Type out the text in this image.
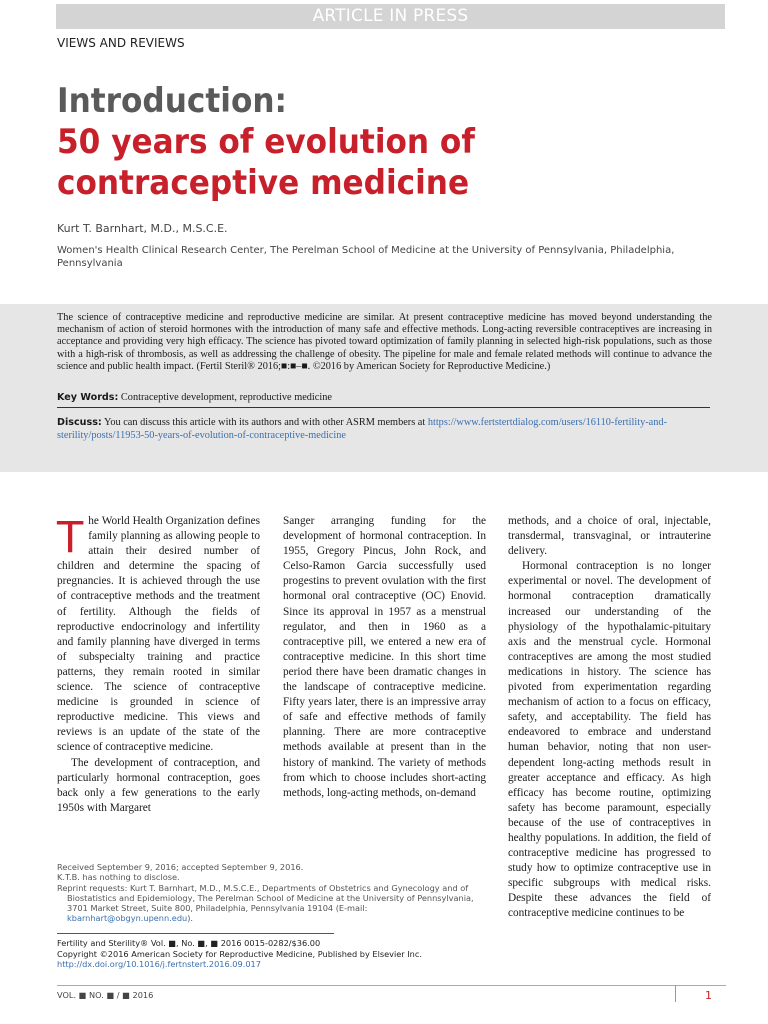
ARTICLE IN PRESS
VIEWS AND REVIEWS
Introduction:
50 years of evolution of
contraceptive medicine
Kurt T. Barnhart, M.D., M.S.C.E.
Women's Health Clinical Research Center, The Perelman School of Medicine at the University of Pennsylvania, Philadelphia, Pennsylvania
The science of contraceptive medicine and reproductive medicine are similar. At present contraceptive medicine has moved beyond understanding the mechanism of action of steroid hormones with the introduction of many safe and effective methods. Long-acting reversible contraceptives are increasing in acceptance and providing very high efficacy. The science has pivoted toward optimization of family planning in selected high-risk populations, such as those with a high-risk of thrombosis, as well as addressing the challenge of obesity. The pipeline for male and female related methods will continue to advance the science and public health impact. (Fertil Steril® 2016;■:■–■. ©2016 by American Society for Reproductive Medicine.)
Key Words: Contraceptive development, reproductive medicine
Discuss: You can discuss this article with its authors and with other ASRM members at https://www.fertstertdialog.com/users/16110-fertility-and-sterility/posts/11953-50-years-of-evolution-of-contraceptive-medicine

The World Health Organization defines family planning as allowing people to attain their desired number of children and determine the spacing of pregnancies. It is achieved through the use of contraceptive methods and the treatment of fertility. Although the fields of reproductive endocrinology and infertility and family planning have diverged in terms of subspecialty training and practice patterns, they remain rooted in similar science. The science of contraceptive medicine is grounded in science of reproductive medicine. This views and reviews is an update of the state of the science of contraceptive medicine.

The development of contraception, and particularly hormonal contraception, goes back only a few generations to the early 1950s with Margaret

Sanger arranging funding for the development of hormonal contraception. In 1955, Gregory Pincus, John Rock, and Celso-Ramon Garcia successfully used progestins to prevent ovulation with the first hormonal oral contraceptive (OC) Enovid. Since its approval in 1957 as a menstrual regulator, and then in 1960 as a contraceptive pill, we entered a new era of contraceptive medicine. In this short time period there have been dramatic changes in the landscape of contraceptive medicine. Fifty years later, there is an impressive array of safe and effective methods of family planning. There are more contraceptive methods available at present than in the history of mankind. The variety of methods from which to choose includes short-acting methods, long-acting methods, on-demand

methods, and a choice of oral, injectable, transdermal, transvaginal, or intrauterine delivery.

Hormonal contraception is no longer experimental or novel. The development of hormonal contraception dramatically increased our understanding of the physiology of the hypothalamic-pituitary axis and the menstrual cycle. Hormonal contraceptives are among the most studied medications in history. The science has pivoted from experimentation regarding mechanism of action to a focus on efficacy, safety, and acceptability. The field has endeavored to embrace and understand human behavior, noting that non user-dependent long-acting methods result in greater acceptance and efficacy. As high efficacy has become routine, optimizing safety has become paramount, especially because of the use of contraceptives in healthy populations. In addition, the field of contraceptive medicine has progressed to study how to optimize contraceptive use in specific subgroups with medical risks. Despite these advances the field of contraceptive medicine continues to be

Received September 9, 2016; accepted September 9, 2016.
K.T.B. has nothing to disclose.
Reprint requests: Kurt T. Barnhart, M.D., M.S.C.E., Departments of Obstetrics and Gynecology and of Biostatistics and Epidemiology, The Perelman School of Medicine at the University of Pennsylvania, 3701 Market Street, Suite 800, Philadelphia, Pennsylvania 19104 (E-mail: kbarnhart@obgyn.upenn.edu).
Fertility and Sterility® Vol. ■, No. ■, ■ 2016 0015-0282/$36.00
Copyright ©2016 American Society for Reproductive Medicine, Published by Elsevier Inc.
http://dx.doi.org/10.1016/j.fertnstert.2016.09.017
VOL. ■ NO. ■ / ■ 2016	1
